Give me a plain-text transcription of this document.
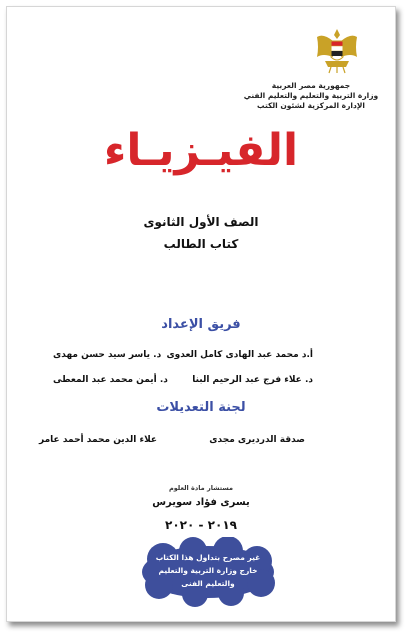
جمهورية مصر العربية
وزارة التربية والتعليم والتعليم الفني
الإدارة المركزية لشئون الكتب
الفيـزيـاء
الصف الأول الثانوى
كتاب الطالب
فريق الإعداد
أ.د محمد عبد الهادى كامل العدوى
د. ياسر سيد حسن مهدى
د. علاء فرج عبد الرحيم البنا
د. أيمن محمد عبد المعطى
لجنة التعديلات
صدقة الدرديرى مجدى
علاء الدين محمد أحمد عامر
مستشار مادة العلوم
يسرى فؤاد سويرس
٢٠١٩ - ٢٠٢٠
غير مصرح بتداول هذا الكتاب
خارج وزارة التربية والتعليم
والتعليم الفنى
